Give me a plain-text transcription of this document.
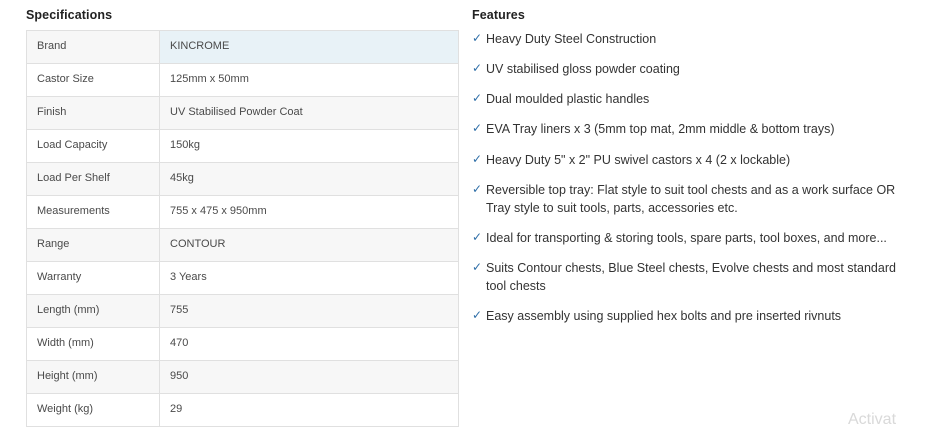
Specifications
Brand	KINCROME
Castor Size	125mm x 50mm
Finish	UV Stabilised Powder Coat
Load Capacity	150kg
Load Per Shelf	45kg
Measurements	755 x 475 x 950mm
Range	CONTOUR
Warranty	3 Years
Length (mm)	755
Width (mm)	470
Height (mm)	950
Weight (kg)	29
Features
✓ Heavy Duty Steel Construction
✓ UV stabilised gloss powder coating
✓ Dual moulded plastic handles
✓ EVA Tray liners x 3 (5mm top mat, 2mm middle & bottom trays)
✓ Heavy Duty 5" x 2" PU swivel castors x 4 (2 x lockable)
✓ Reversible top tray: Flat style to suit tool chests and as a work surface OR Tray style to suit tools, parts, accessories etc.
✓ Ideal for transporting & storing tools, spare parts, tool boxes, and more...
✓ Suits Contour chests, Blue Steel chests, Evolve chests and most standard tool chests
✓ Easy assembly using supplied hex bolts and pre inserted rivnuts
Activat
